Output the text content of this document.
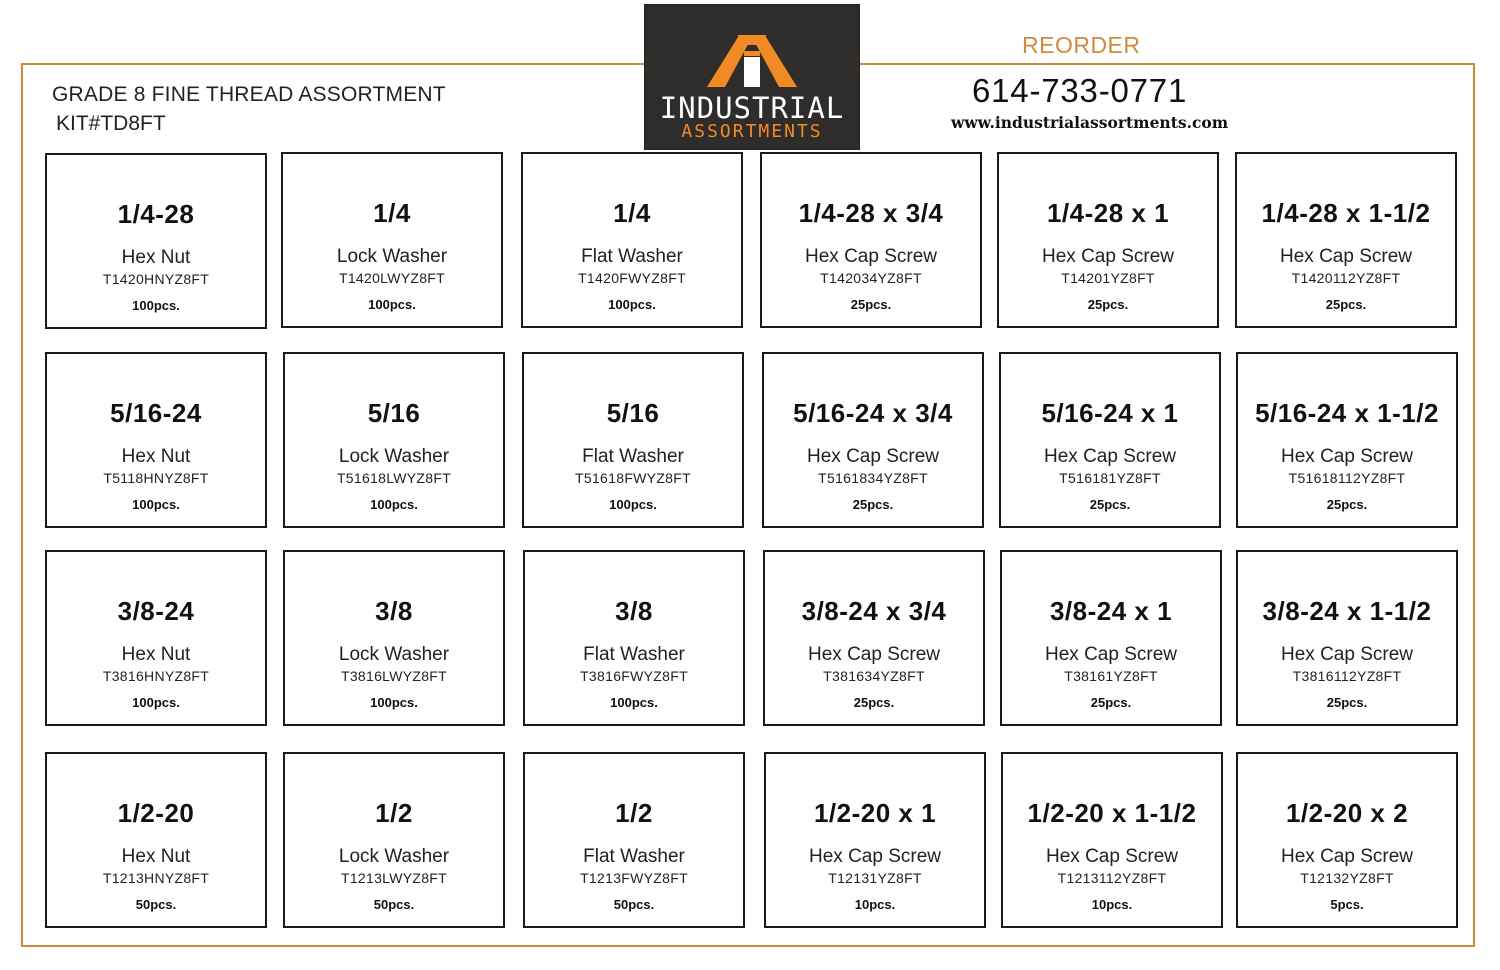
GRADE 8 FINE THREAD ASSORTMENT
KIT#TD8FT	INDUSTRIAL
ASSORTMENTS
REORDER
614-733-0771
www.industrialassortments.com
1/4-28
Hex Nut
T1420HNYZ8FT
100pcs.
1/4
Lock Washer
T1420LWYZ8FT
100pcs.
1/4
Flat Washer
T1420FWYZ8FT
100pcs.
1/4-28 x 3/4
Hex Cap Screw
T142034YZ8FT
25pcs.
1/4-28 x 1
Hex Cap Screw
T14201YZ8FT
25pcs.
1/4-28 x 1-1/2
Hex Cap Screw
T1420112YZ8FT
25pcs.
5/16-24
Hex Nut
T5118HNYZ8FT
100pcs.
5/16
Lock Washer
T51618LWYZ8FT
100pcs.
5/16
Flat Washer
T51618FWYZ8FT
100pcs.
5/16-24 x 3/4
Hex Cap Screw
T5161834YZ8FT
25pcs.
5/16-24 x 1
Hex Cap Screw
T516181YZ8FT
25pcs.
5/16-24 x 1-1/2
Hex Cap Screw
T51618112YZ8FT
25pcs.
3/8-24
Hex Nut
T3816HNYZ8FT
100pcs.
3/8
Lock Washer
T3816LWYZ8FT
100pcs.
3/8
Flat Washer
T3816FWYZ8FT
100pcs.
3/8-24 x 3/4
Hex Cap Screw
T381634YZ8FT
25pcs.
3/8-24 x 1
Hex Cap Screw
T38161YZ8FT
25pcs.
3/8-24 x 1-1/2
Hex Cap Screw
T3816112YZ8FT
25pcs.
1/2-20
Hex Nut
T1213HNYZ8FT
50pcs.
1/2
Lock Washer
T1213LWYZ8FT
50pcs.
1/2
Flat Washer
T1213FWYZ8FT
50pcs.
1/2-20 x 1
Hex Cap Screw
T12131YZ8FT
10pcs.
1/2-20 x 1-1/2
Hex Cap Screw
T1213112YZ8FT
10pcs.
1/2-20 x 2
Hex Cap Screw
T12132YZ8FT
5pcs.
